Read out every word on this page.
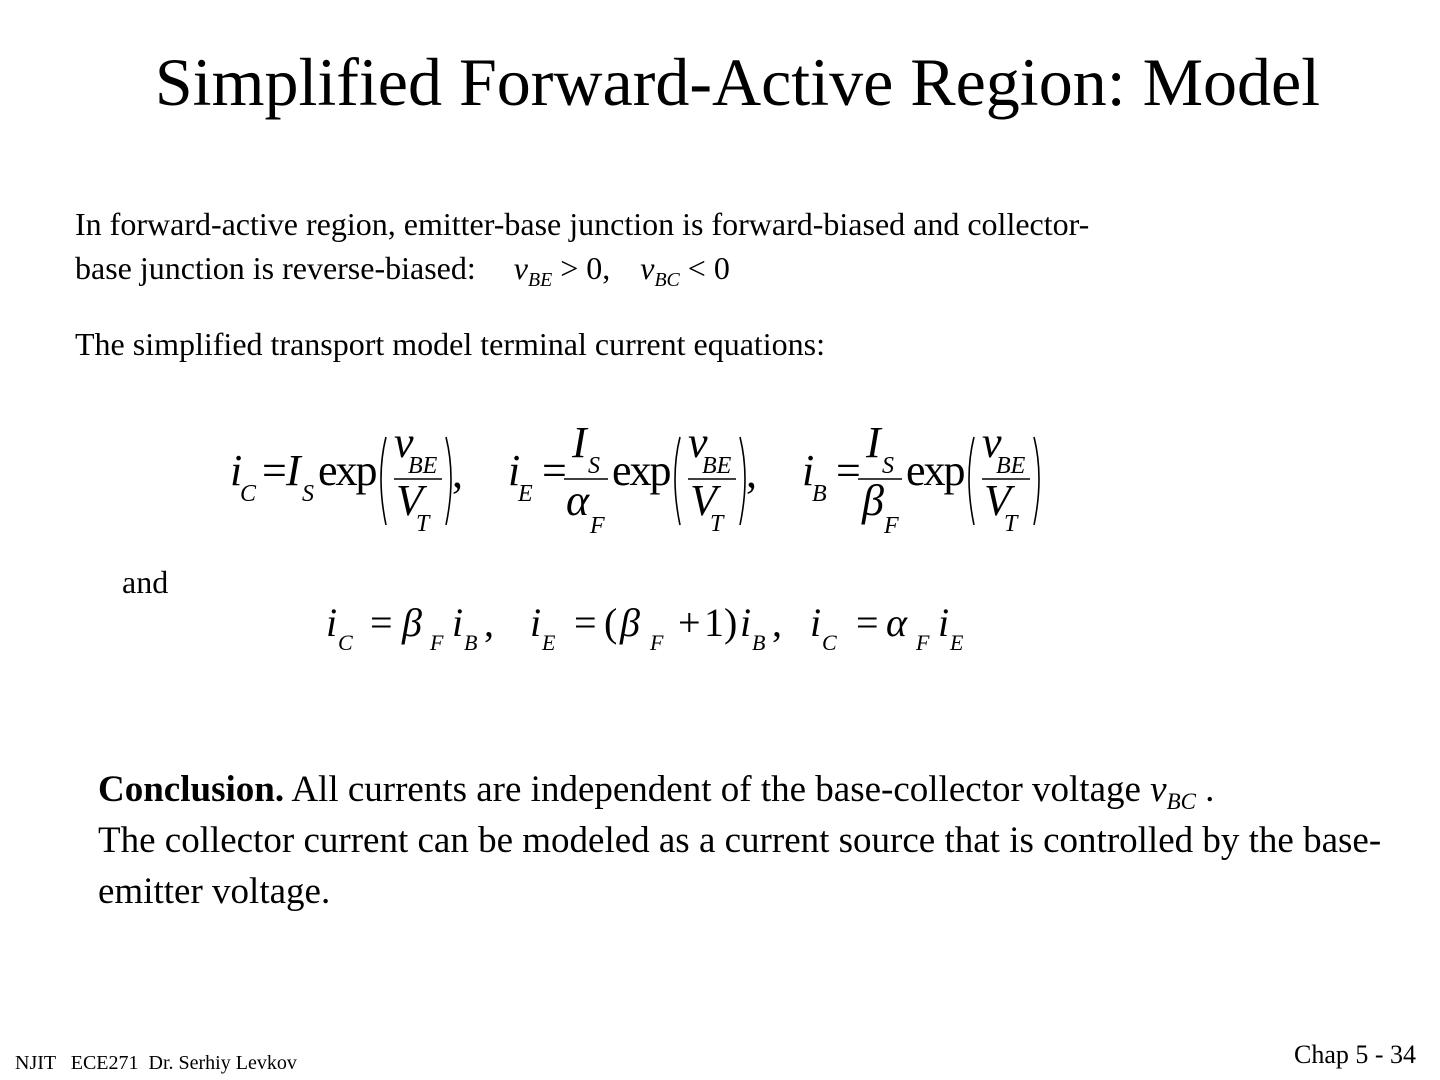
Simplified Forward-Active Region: Model
In forward-active region, emitter-base junction is forward-biased and collector-
base junction is reverse-biased: $v_{BE} > 0$, $v_{BC} < 0$
The simplified transport model terminal current equations:
i
C = I S exp
v
BE
V
T
, i
E =
I S
α
F
exp
v
BE
V
T
, i
B =
I S
β
F
exp
v
BE
V
T
and
i C = β F i B , i E = ( β F + 1) i B , i C = α F i E
Conclusion. All currents are independent of the base-collector voltage $v_{BC}$ .
The collector current can be modeled as a current source that is controlled by the base-emitter voltage.
NJIT   ECE271  Dr. Serhiy Levkov	Chap 5 - 34
